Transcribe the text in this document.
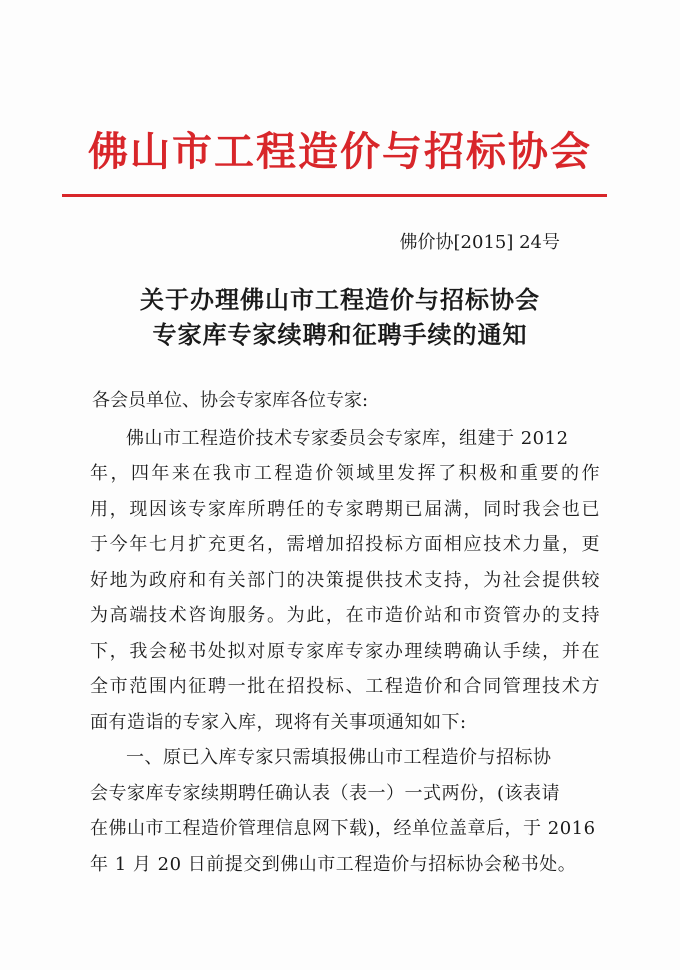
佛山市工程造价与招标协会
佛价协[2015] 24号
关于办理佛山市工程造价与招标协会
专家库专家续聘和征聘手续的通知
各会员单位、协会专家库各位专家:
佛山市工程造价技术专家委员会专家库，组建于 2012
年，四年来在我市工程造价领域里发挥了积极和重要的作
用，现因该专家库所聘任的专家聘期已届满，同时我会也已
于今年七月扩充更名，需增加招投标方面相应技术力量，更
好地为政府和有关部门的决策提供技术支持，为社会提供较
为高端技术咨询服务。为此，在市造价站和市资管办的支持
下，我会秘书处拟对原专家库专家办理续聘确认手续，并在
全市范围内征聘一批在招投标、工程造价和合同管理技术方
面有造诣的专家入库，现将有关事项通知如下:
一、原已入库专家只需填报佛山市工程造价与招标协
会专家库专家续期聘任确认表（表一）一式两份，(该表请
在佛山市工程造价管理信息网下载)，经单位盖章后，于 2016
年 1 月 20 日前提交到佛山市工程造价与招标协会秘书处。
